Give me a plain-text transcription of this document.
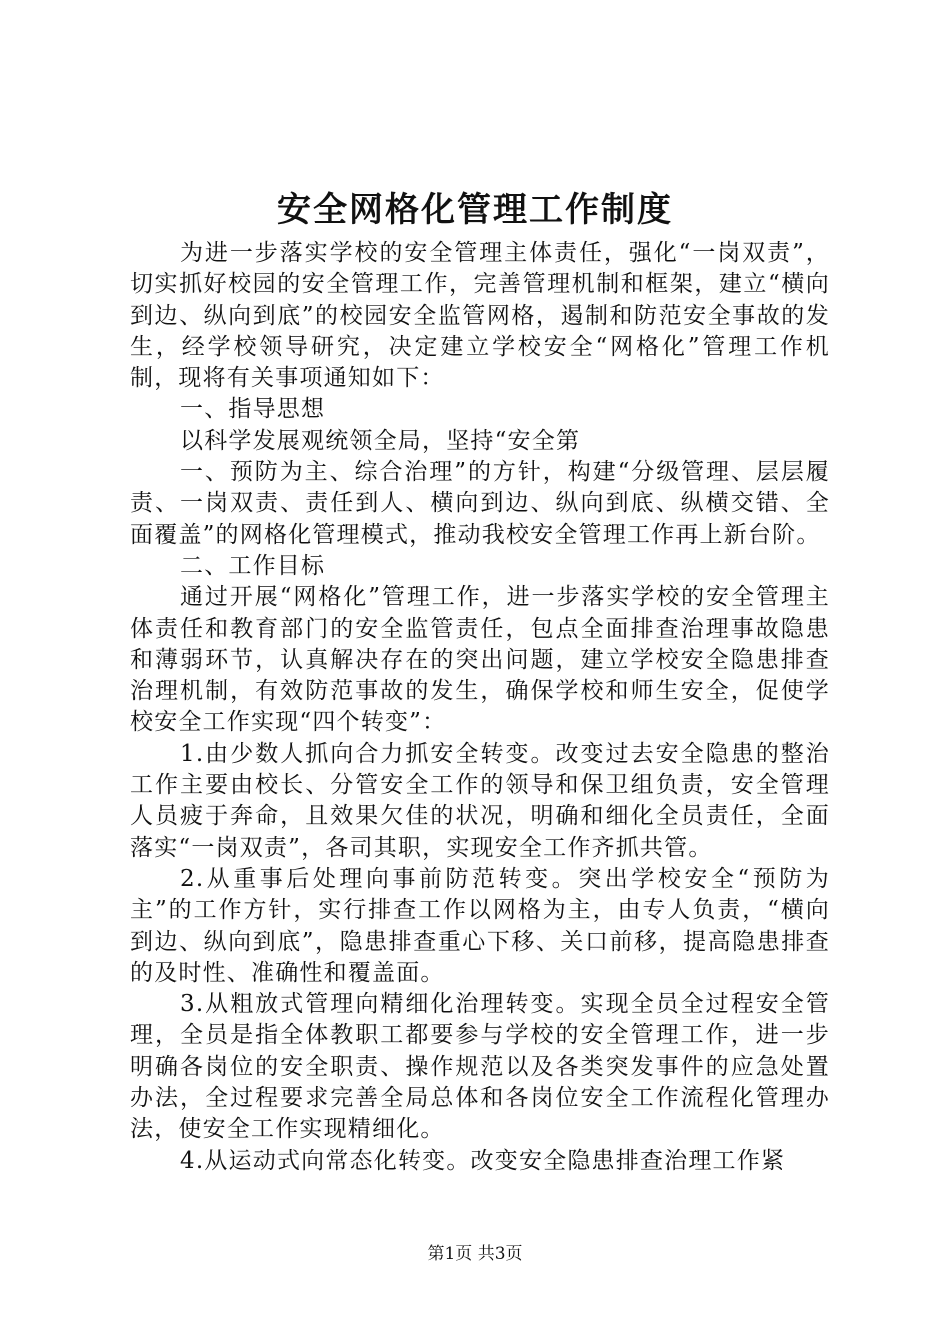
安全网格化管理工作制度

为进一步落实学校的安全管理主体责任，强化“一岗双责”，切实抓好校园的安全管理工作，完善管理机制和框架，建立“横向到边、纵向到底”的校园安全监管网格，遏制和防范安全事故的发生，经学校领导研究，决定建立学校安全“网格化”管理工作机制，现将有关事项通知如下：

一、指导思想

以科学发展观统领全局，坚持“安全第

一、预防为主、综合治理”的方针，构建“分级管理、层层履责、一岗双责、责任到人、横向到边、纵向到底、纵横交错、全面覆盖”的网格化管理模式，推动我校安全管理工作再上新台阶。

二、工作目标

通过开展“网格化”管理工作，进一步落实学校的安全管理主体责任和教育部门的安全监管责任，包点全面排查治理事故隐患和薄弱环节，认真解决存在的突出问题，建立学校安全隐患排查治理机制，有效防范事故的发生，确保学校和师生安全，促使学校安全工作实现“四个转变”：

1.由少数人抓向合力抓安全转变。改变过去安全隐患的整治工作主要由校长、分管安全工作的领导和保卫组负责，安全管理人员疲于奔命，且效果欠佳的状况，明确和细化全员责任，全面落实“一岗双责”，各司其职，实现安全工作齐抓共管。

2.从重事后处理向事前防范转变。突出学校安全“预防为主”的工作方针，实行排查工作以网格为主，由专人负责，“横向到边、纵向到底”，隐患排查重心下移、关口前移，提高隐患排查的及时性、准确性和覆盖面。

3.从粗放式管理向精细化治理转变。实现全员全过程安全管理，全员是指全体教职工都要参与学校的安全管理工作，进一步明确各岗位的安全职责、操作规范以及各类突发事件的应急处置办法，全过程要求完善全局总体和各岗位安全工作流程化管理办法，使安全工作实现精细化。

4.从运动式向常态化转变。改变安全隐患排查治理工作紧

第1页 共3页
